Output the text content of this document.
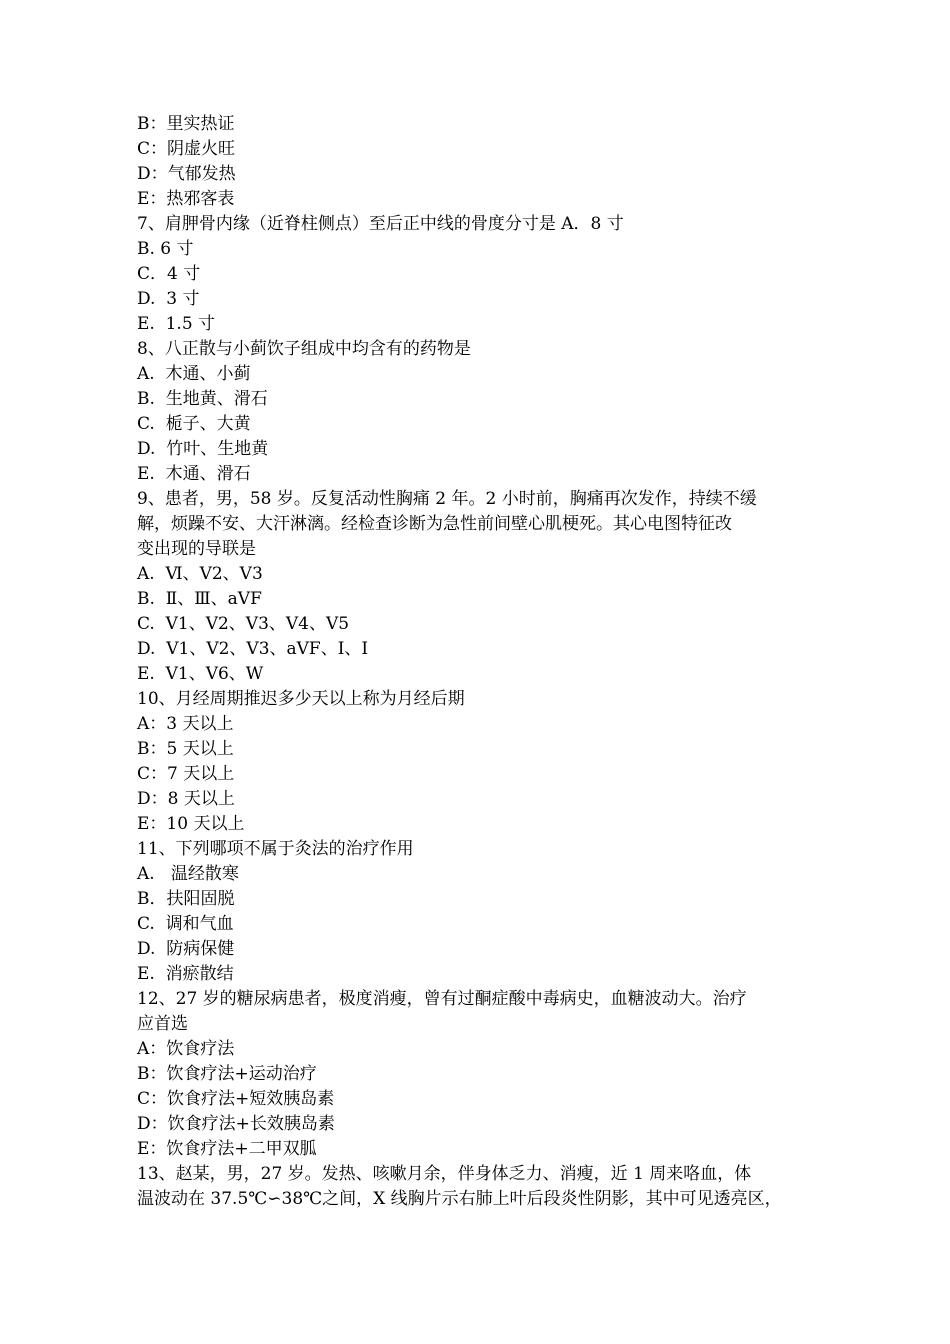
B：里实热证
C：阴虚火旺
D：气郁发热
E：热邪客表
7、肩胛骨内缘（近脊柱侧点）至后正中线的骨度分寸是 A．8 寸
B. 6 寸
C．4 寸
D.  3 寸
E.  1.5 寸
8、八正散与小蓟饮子组成中均含有的药物是
A.  木通、小蓟
B.  生地黄、滑石
C.  栀子、大黄
D.  竹叶、生地黄
E.  木通、滑石
9、患者，男，58 岁。反复活动性胸痛 2 年。2 小时前，胸痛再次发作，持续不缓
解，烦躁不安、大汗淋漓。经检查诊断为急性前间壁心肌梗死。其心电图特征改
变出现的导联是
A.  Ⅵ、V2、V3
B.  Ⅱ、Ⅲ、aVF
C.  V1、V2、V3、V4、V5
D.  V1、V2、V3、aVF、Ⅰ、Ⅰ
E.  V1、V6、W
10、月经周期推迟多少天以上称为月经后期
A：3 天以上
B：5 天以上
C：7 天以上
D：8 天以上
E：10 天以上
11、下列哪项不属于灸法的治疗作用
A.   温经散寒
B．扶阳固脱
C.  调和气血
D.  防病保健
E.  消瘀散结
12、27 岁的糖尿病患者，极度消瘦，曾有过酮症酸中毒病史，血糖波动大。治疗
应首选
A：饮食疗法
B：饮食疗法+运动治疗
C：饮食疗法+短效胰岛素
D：饮食疗法+长效胰岛素
E：饮食疗法+二甲双胍
13、赵某，男，27 岁。发热、咳嗽月余，伴身体乏力、消瘦，近 1 周来咯血，体
温波动在 37.5℃∽38℃之间，X 线胸片示右肺上叶后段炎性阴影，其中可见透亮区，
